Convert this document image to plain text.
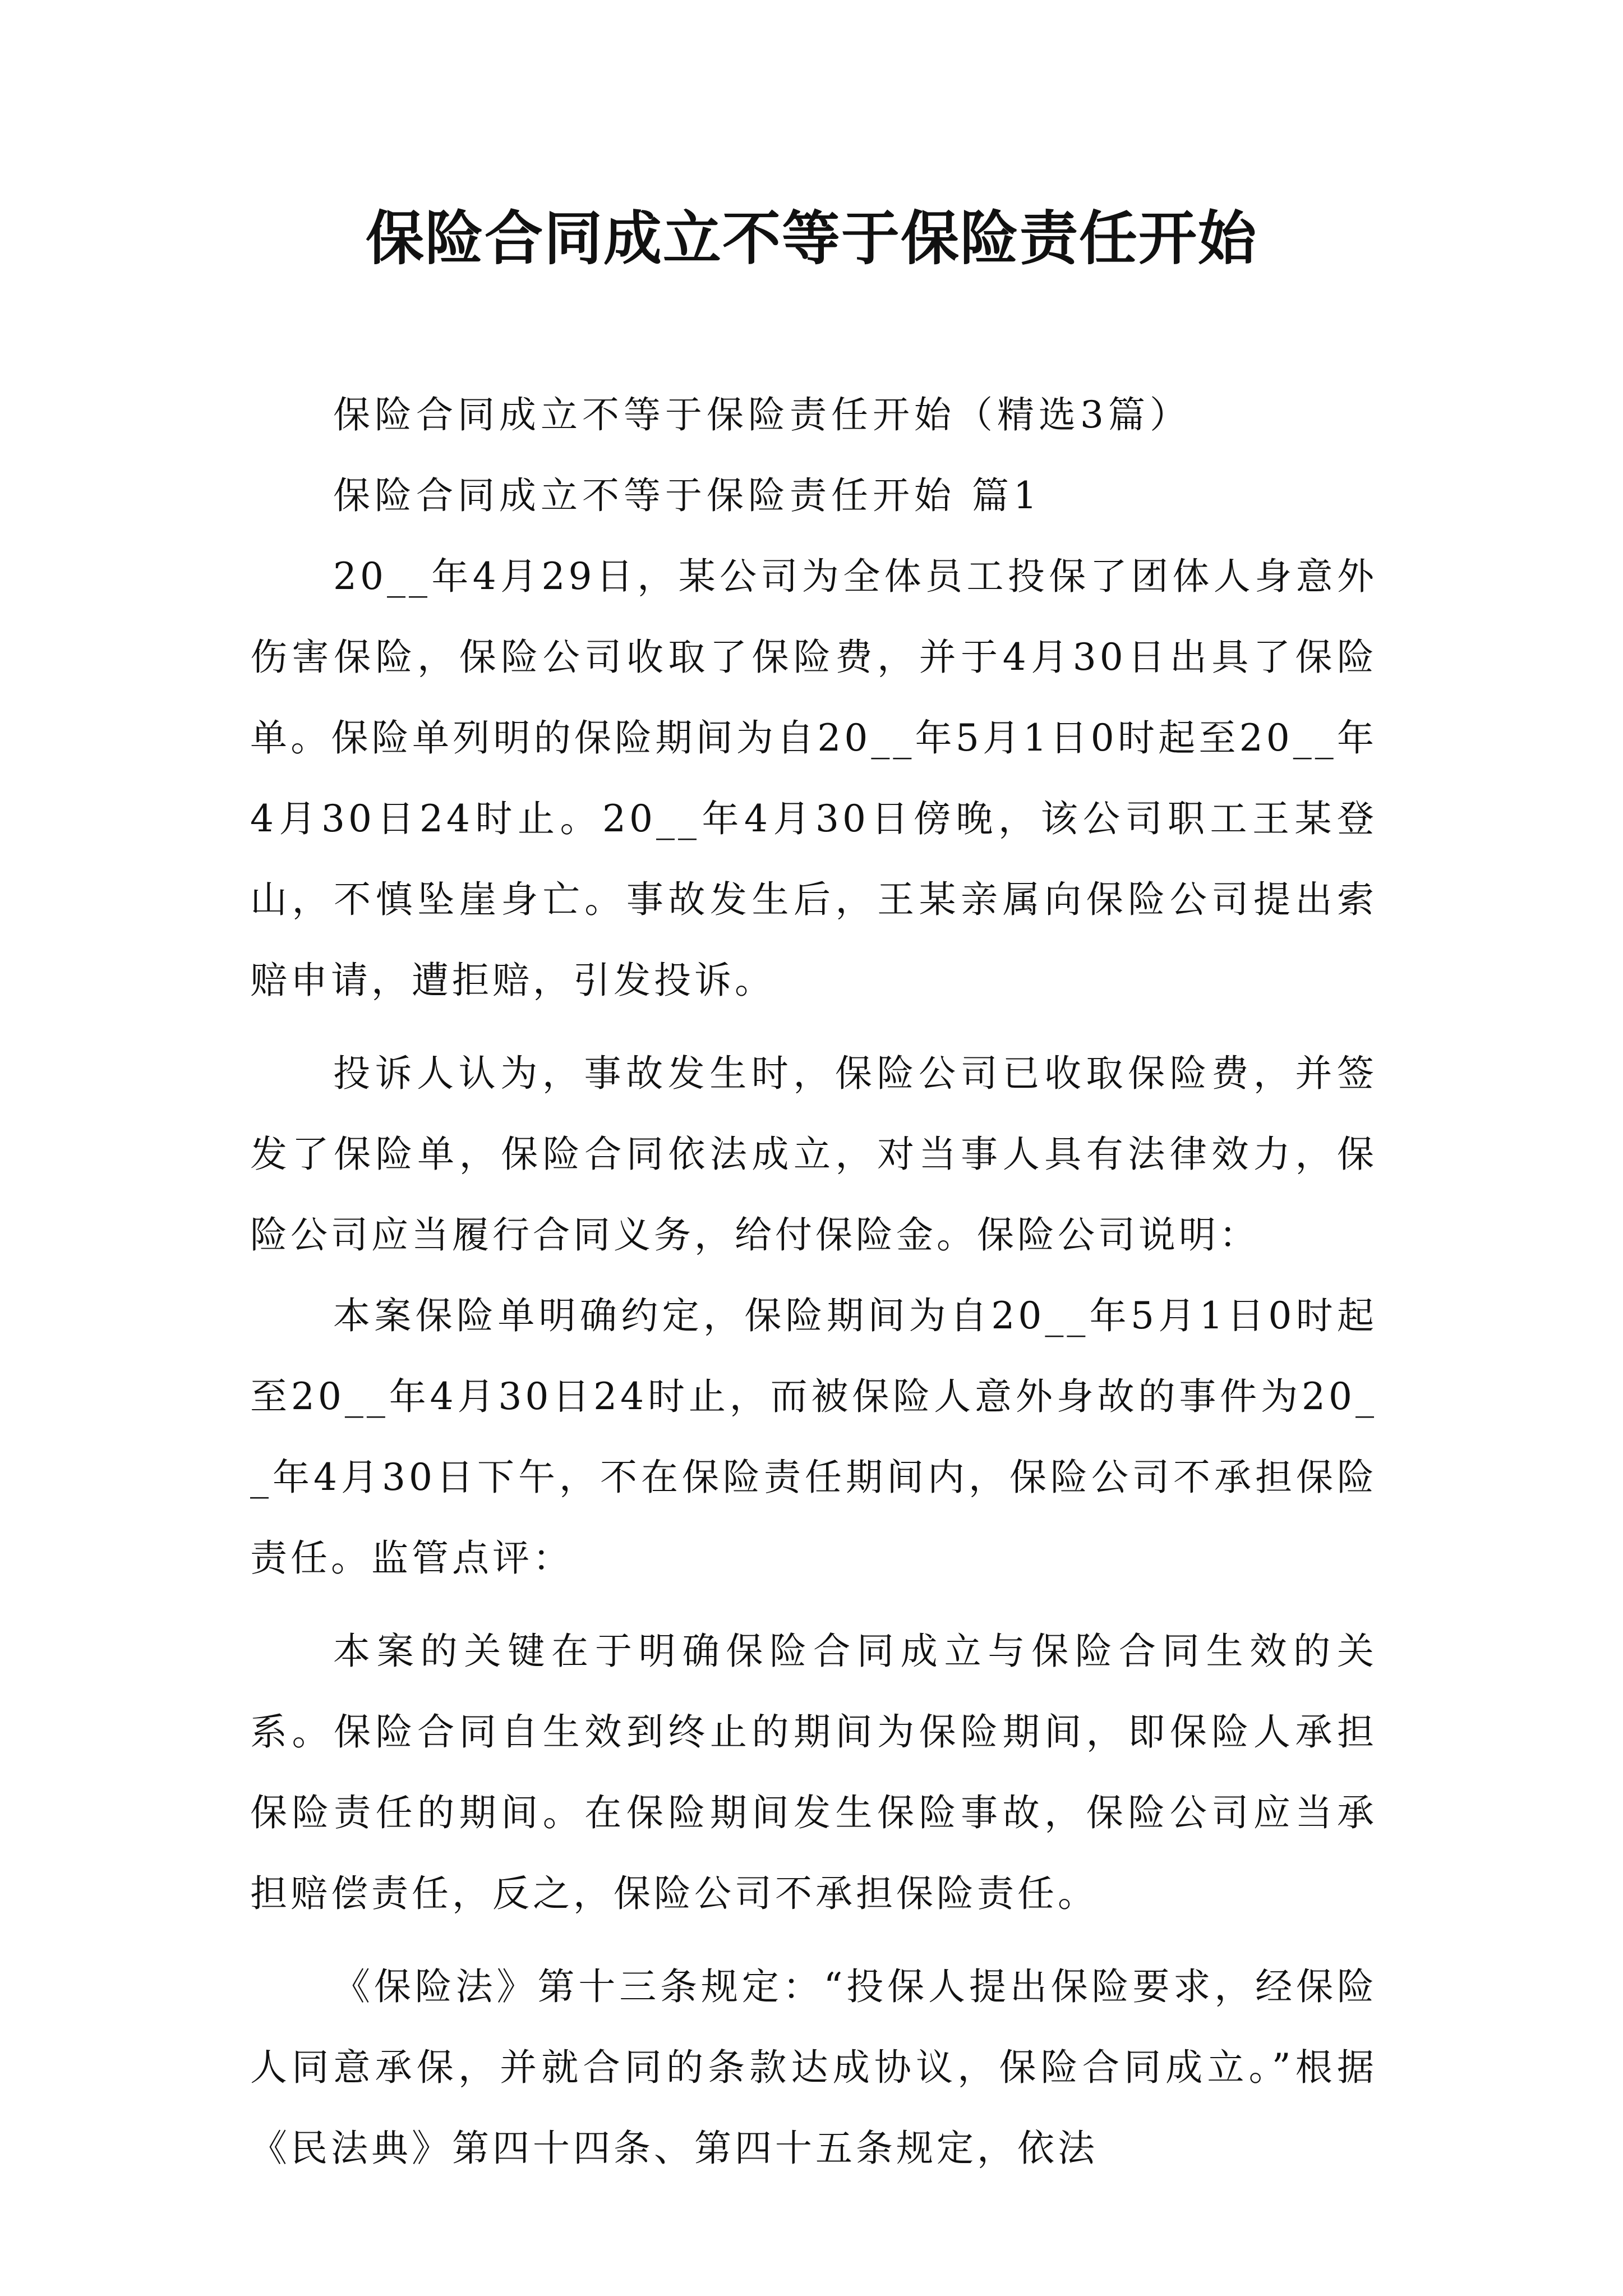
保险合同成立不等于保险责任开始

保险合同成立不等于保险责任开始（精选3篇）

保险合同成立不等于保险责任开始 篇1

20__年4月29日，某公司为全体员工投保了团体人身意外伤害保险，保险公司收取了保险费，并于4月30日出具了保险单。保险单列明的保险期间为自20__年5月1日0时起至20__年4月30日24时止。20__年4月30日傍晚，该公司职工王某登山，不慎坠崖身亡。事故发生后，王某亲属向保险公司提出索赔申请，遭拒赔，引发投诉。

投诉人认为，事故发生时，保险公司已收取保险费，并签发了保险单，保险合同依法成立，对当事人具有法律效力，保险公司应当履行合同义务，给付保险金。保险公司说明：

本案保险单明确约定，保险期间为自20__年5月1日0时起至20__年4月30日24时止，而被保险人意外身故的事件为20__年4月30日下午，不在保险责任期间内，保险公司不承担保险责任。监管点评：

本案的关键在于明确保险合同成立与保险合同生效的关系。保险合同自生效到终止的期间为保险期间，即保险人承担保险责任的期间。在保险期间发生保险事故，保险公司应当承担赔偿责任，反之，保险公司不承担保险责任。

《保险法》第十三条规定：“投保人提出保险要求，经保险人同意承保，并就合同的条款达成协议，保险合同成立。”根据《民法典》第四十四条、第四十五条规定，依法
